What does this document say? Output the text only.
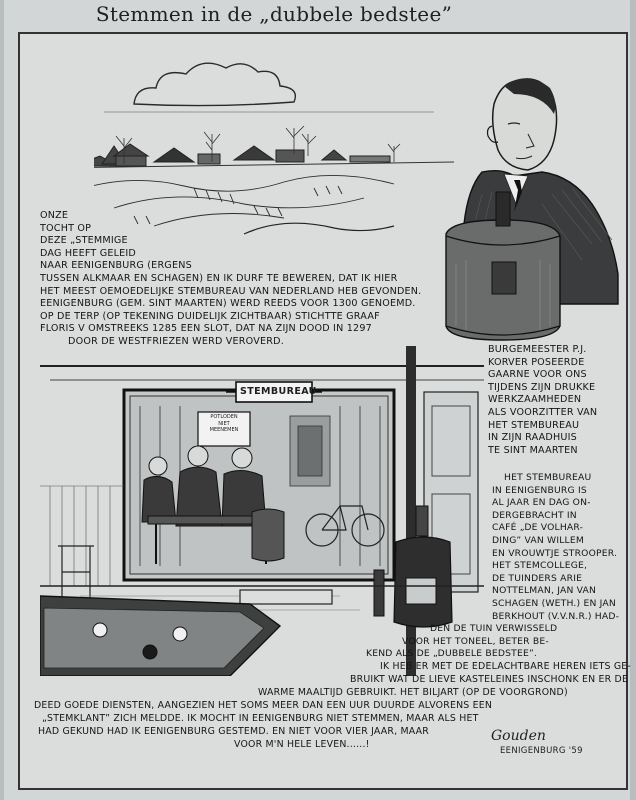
Stemmen in de „dubbele bedstee”
ONZE
TOCHT OP
DEZE „STEMMIGE
DAG HEEFT GELEID
NAAR EENIGENBURG (ERGENS
TUSSEN ALKMAAR EN SCHAGEN) EN IK DURF TE BEWEREN, DAT IK HIER
HET MEEST OEMOEDELIJKE STEMBUREAU VAN NEDERLAND HEB GEVONDEN.
EENIGENBURG (GEM. SINT MAARTEN) WERD REEDS VOOR 1300 GENOEMD.
OP DE TERP (OP TEKENING DUIDELIJK ZICHTBAAR) STICHTTE GRAAF
FLORIS V OMSTREEKS 1285 EEN SLOT, DAT NA ZIJN DOOD IN 1297
DOOR DE WESTFRIEZEN WERD VEROVERD.
BURGEMEESTER P.J.
KORVER POSEERDE
GAARNE VOOR ONS
TIJDENS ZIJN DRUKKE
WERKZAAMHEDEN
ALS VOORZITTER VAN
HET STEMBUREAU
IN ZIJN RAADHUIS
TE SINT MAARTEN
STEMBUREAU
POTLODEN
NIET
MEENEMEN
HET STEMBUREAU
IN EENIGENBURG IS
AL JAAR EN DAG ON-
DERGEBRACHT IN
CAFÉ „DE VOLHAR-
DING” VAN WILLEM
EN VROUWTJE STROOPER.
HET STEMCOLLEGE,
DE TUINDERS ARIE
NOTTELMAN, JAN VAN
SCHAGEN (WETH.) EN JAN
BERKHOUT (V.V.N.R.) HAD-
DEN DE TUIN VERWISSELD
VOOR HET TONEEL, BETER BE-
KEND ALS DE „DUBBELE BEDSTEE”.
IK HEB ER MET DE EDELACHTBARE HEREN IETS GE-
BRUIKT WAT DE LIEVE KASTELEINES INSCHONK EN ER DE
WARME MAALTIJD GEBRUIKT. HET BILJART (OP DE VOORGROND)
DEED GOEDE DIENSTEN, AANGEZIEN HET SOMS MEER DAN EEN UUR DUURDE ALVORENS EEN
„STEMKLANT” ZICH MELDDE. IK MOCHT IN EENIGENBURG NIET STEMMEN, MAAR ALS HET
HAD GEKUND HAD IK EENIGENBURG GESTEMD. EN NIET VOOR VIER JAAR, MAAR
VOOR M'N HELE LEVEN......!
Gouden
EENIGENBURG '59
